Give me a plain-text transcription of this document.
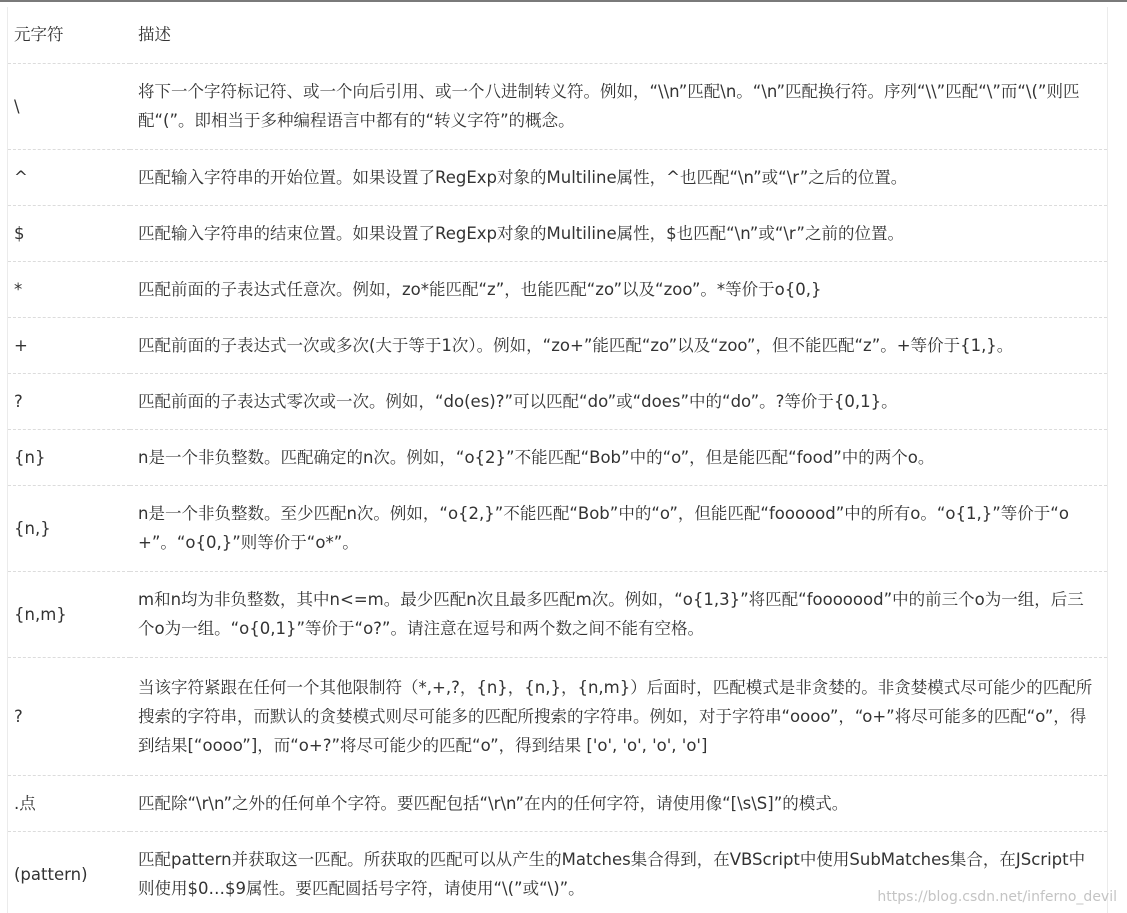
元字符	描述
\	将下一个字符标记符、或一个向后引用、或一个八进制转义符。例如，“\\n”匹配\n。“\n”匹配换行符。序列“\\”匹配“\”而“\(”则匹配“(”。即相当于多种编程语言中都有的“转义字符”的概念。
^	匹配输入字符串的开始位置。如果设置了RegExp对象的Multiline属性，^也匹配“\n”或“\r”之后的位置。
$	匹配输入字符串的结束位置。如果设置了RegExp对象的Multiline属性，$也匹配“\n”或“\r”之前的位置。
*	匹配前面的子表达式任意次。例如，zo*能匹配“z”，也能匹配“zo”以及“zoo”。*等价于o{0,}
+	匹配前面的子表达式一次或多次(大于等于1次）。例如，“zo+”能匹配“zo”以及“zoo”，但不能匹配“z”。+等价于{1,}。
?	匹配前面的子表达式零次或一次。例如，“do(es)?”可以匹配“do”或“does”中的“do”。?等价于{0,1}。
{n}	n是一个非负整数。匹配确定的n次。例如，“o{2}”不能匹配“Bob”中的“o”，但是能匹配“food”中的两个o。
{n,}	n是一个非负整数。至少匹配n次。例如，“o{2,}”不能匹配“Bob”中的“o”，但能匹配“foooood”中的所有o。“o{1,}”等价于“o+”。“o{0,}”则等价于“o*”。
{n,m}	m和n均为非负整数，其中n<=m。最少匹配n次且最多匹配m次。例如，“o{1,3}”将匹配“fooooood”中的前三个o为一组，后三个o为一组。“o{0,1}”等价于“o?”。请注意在逗号和两个数之间不能有空格。
?	当该字符紧跟在任何一个其他限制符（*,+,?，{n}，{n,}，{n,m}）后面时，匹配模式是非贪婪的。非贪婪模式尽可能少的匹配所搜索的字符串，而默认的贪婪模式则尽可能多的匹配所搜索的字符串。例如，对于字符串“oooo”，“o+”将尽可能多的匹配“o”，得到结果[“oooo”]，而“o+?”将尽可能少的匹配“o”，得到结果 ['o', 'o', 'o', 'o']
.点	匹配除“\r\n”之外的任何单个字符。要匹配包括“\r\n”在内的任何字符，请使用像“[\s\S]”的模式。
(pattern)	匹配pattern并获取这一匹配。所获取的匹配可以从产生的Matches集合得到，在VBScript中使用SubMatches集合，在JScript中则使用$0…$9属性。要匹配圆括号字符，请使用“\(”或“\)”。	https://blog.csdn.net/inferno_devil
